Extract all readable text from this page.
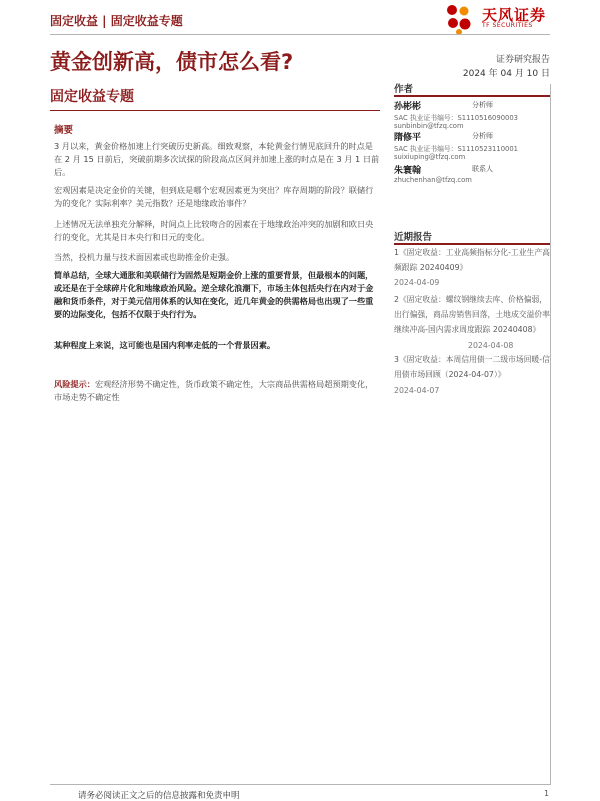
固定收益 | 固定收益专题	天风证券
TF SECURITIES
黄金创新高，债市怎么看?	证券研究报告
2024 年 04 月 10 日
固定收益专题
摘要

3 月以来，黄金价格加速上行突破历史新高。细致观察，本轮黄金行情见底回升的时点是在 2 月 15 日前后，突破前期多次试探的阶段高点区间并加速上涨的时点是在 3 月 1 日前后。

宏观因素是决定金价的关键，但到底是哪个宏观因素更为突出？库存周期的阶段？联储行为的变化？实际利率？美元指数？还是地缘政治事件？

上述情况无法单独充分解释，时间点上比较吻合的因素在于地缘政治冲突的加剧和欧日央行的变化，尤其是日本央行和日元的变化。

当然，投机力量与技术面因素或也助推金价走强。

简单总结，全球大通胀和美联储行为固然是短期金价上涨的重要背景，但最根本的问题，或还是在于全球碎片化和地缘政治风险。逆全球化浪潮下，市场主体包括央行在内对于金融和货币条件，对于美元信用体系的认知在变化，近几年黄金的供需格局也出现了一些重要的边际变化，包括不仅限于央行行为。

某种程度上来说，这可能也是国内利率走低的一个背景因素。

风险提示：宏观经济形势不确定性，货币政策不确定性，大宗商品供需格局超预期变化，市场走势不确定性

作者
孙彬彬	分析师
SAC 执业证书编号：S1110516090003
sunbinbin@tfzq.com
隋修平	分析师
SAC 执业证书编号：S1110523110001
suixiuping@tfzq.com
朱寰翰	联系人
zhuchenhan@tfzq.com
近期报告
1《固定收益：工业高频指标分化-工业生产高频跟踪 20240409》
2024-04-09
2《固定收益：螺纹钢继续去库、价格偏弱，出行偏强，商品房销售回落，土地成交溢价率继续冲高-国内需求周度跟踪 20240408》
2024-04-08
3《固定收益：本周信用债一二级市场回暖-信用债市场回顾（2024-04-07）》
2024-04-07
请务必阅读正文之后的信息披露和免责申明	1
